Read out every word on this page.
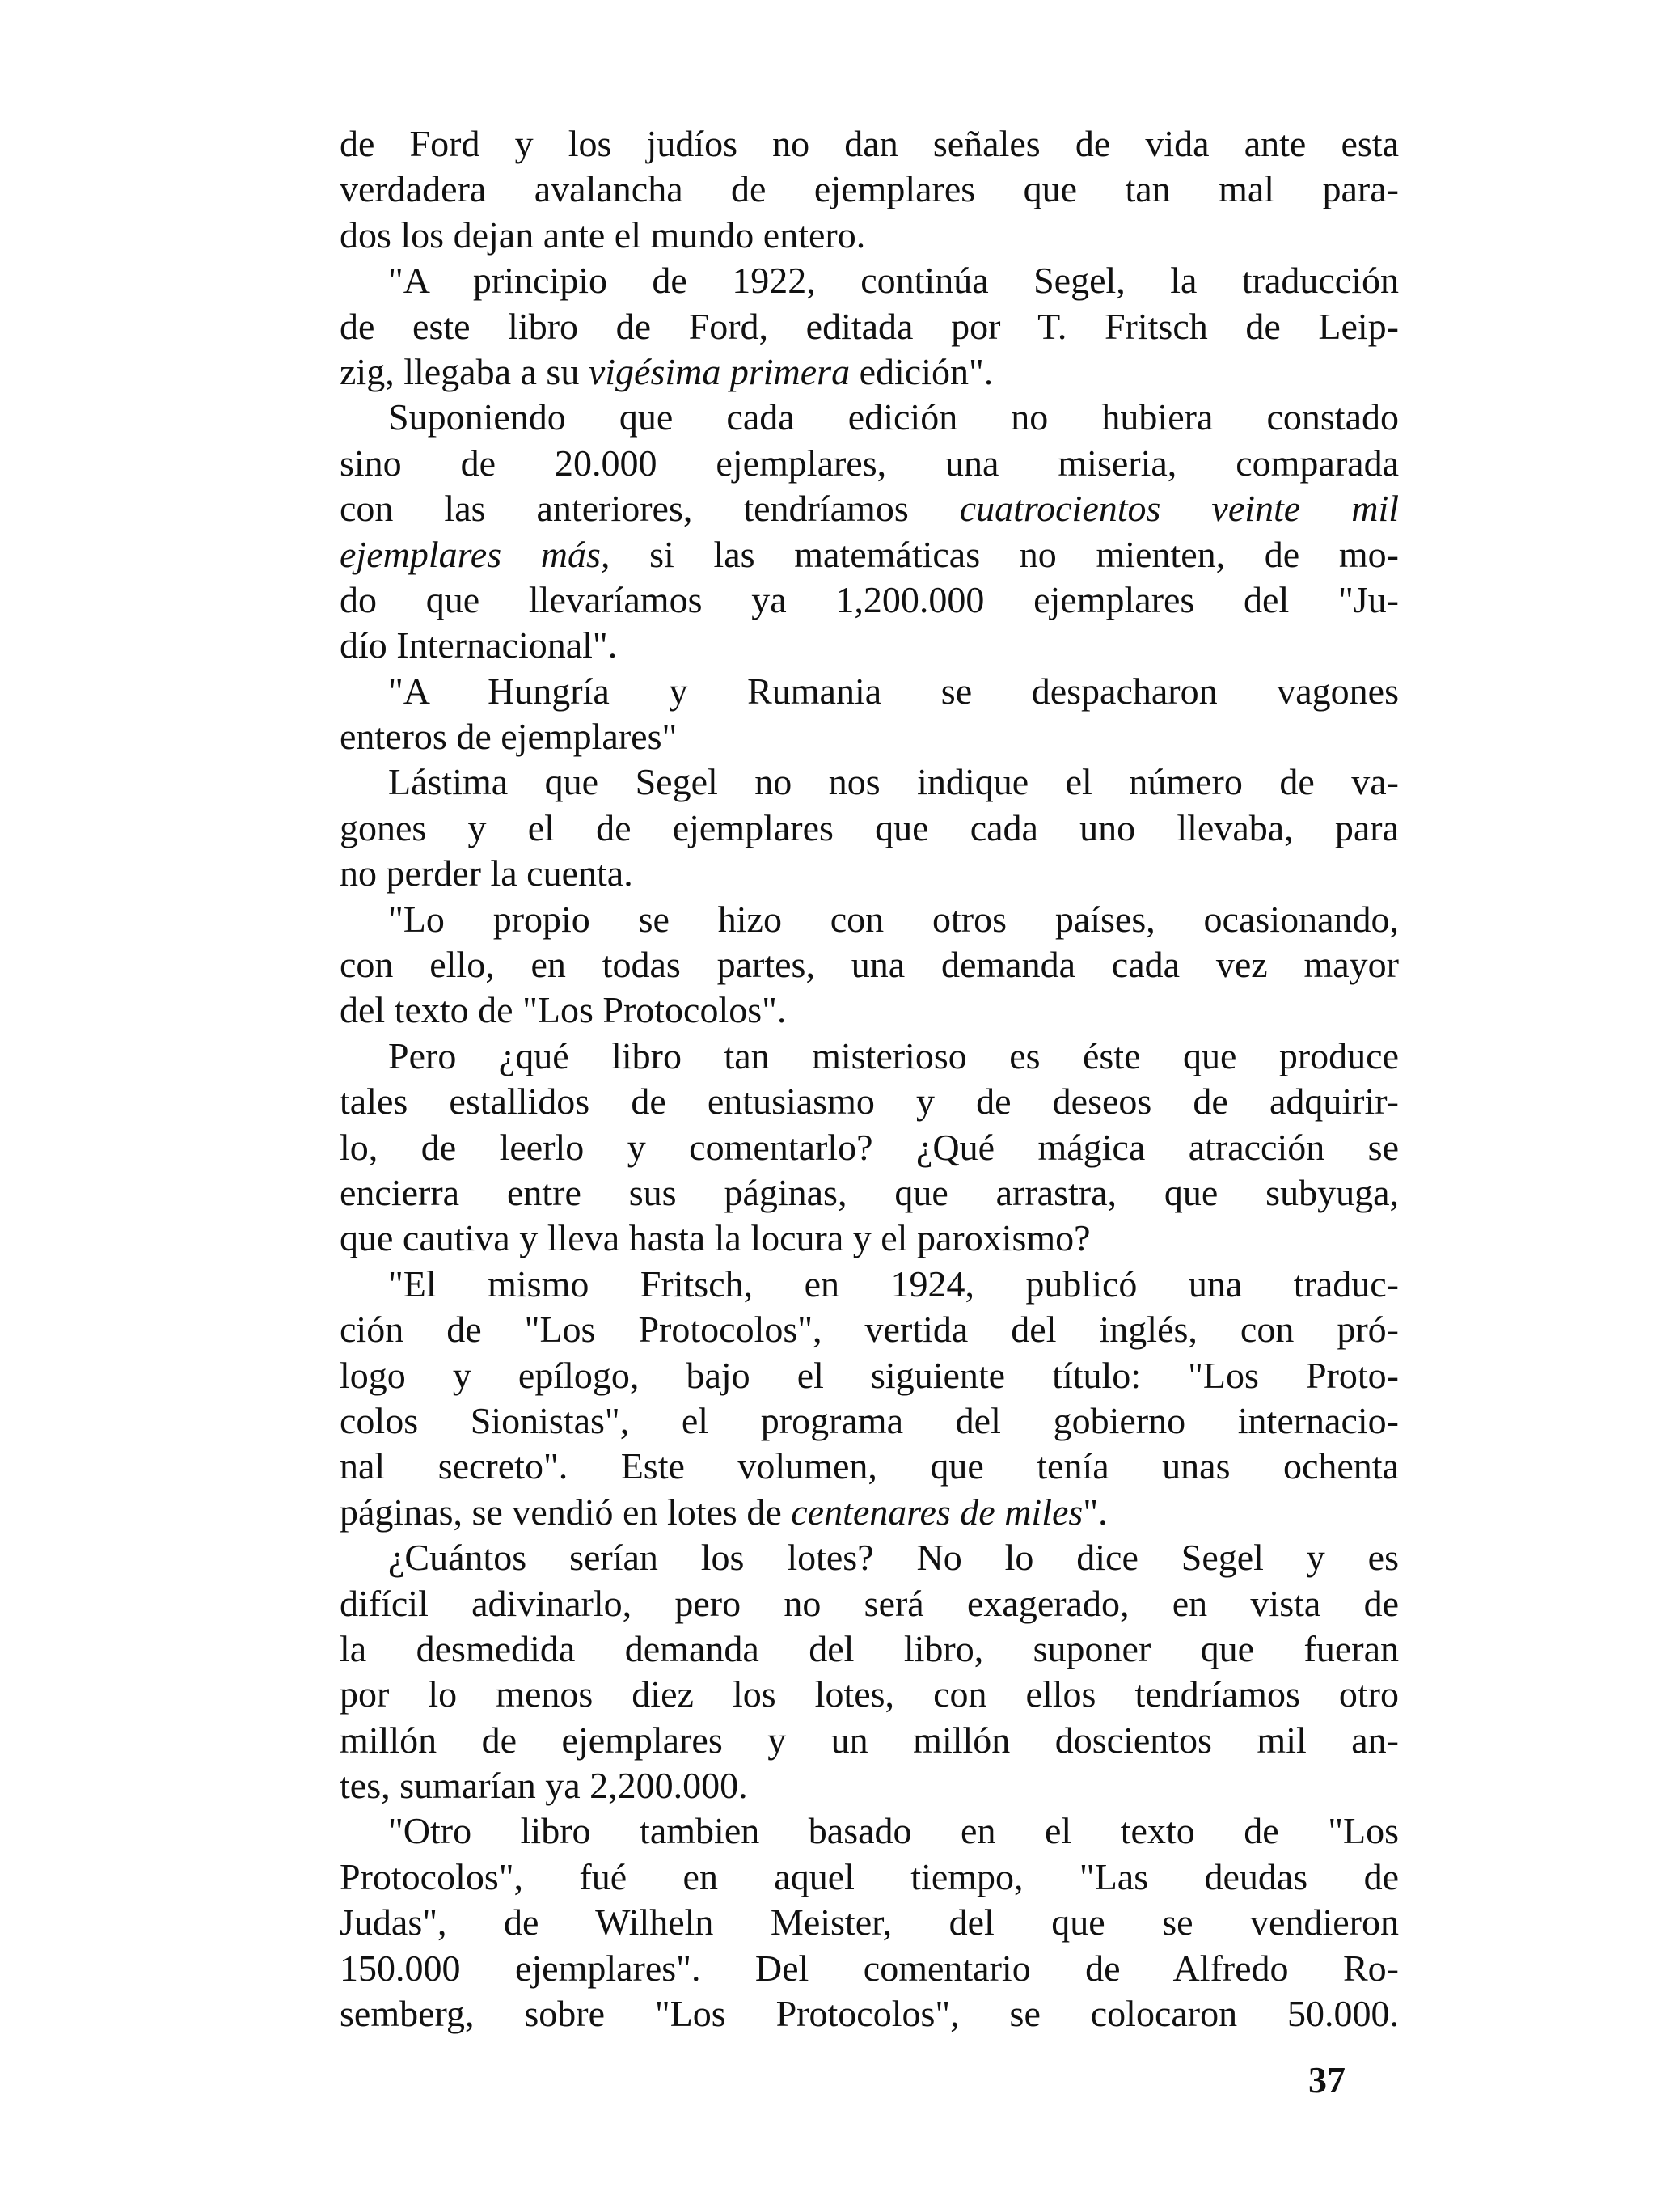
de Ford y los judíos no dan señales de vida ante esta
verdadera avalancha de ejemplares que tan mal para-
dos los dejan ante el mundo entero.
"A principio de 1922, continúa Segel, la traducción
de este libro de Ford, editada por T. Fritsch de Leip-
zig, llegaba a su vigésima primera edición".
Suponiendo que cada edición no hubiera constado
sino de 20.000 ejemplares, una miseria, comparada
con las anteriores, tendríamos cuatrocientos veinte mil
ejemplares más, si las matemáticas no mienten, de mo-
do que llevaríamos ya 1,200.000 ejemplares del "Ju-
dío Internacional".
"A Hungría y Rumania se despacharon vagones
enteros de ejemplares"
Lástima que Segel no nos indique el número de va-
gones y el de ejemplares que cada uno llevaba, para
no perder la cuenta.
"Lo propio se hizo con otros países, ocasionando,
con ello, en todas partes, una demanda cada vez mayor
del texto de "Los Protocolos".
Pero ¿qué libro tan misterioso es éste que produce
tales estallidos de entusiasmo y de deseos de adquirir-
lo, de leerlo y comentarlo? ¿Qué mágica atracción se
encierra entre sus páginas, que arrastra, que subyuga,
que cautiva y lleva hasta la locura y el paroxismo?
"El mismo Fritsch, en 1924, publicó una traduc-
ción de "Los Protocolos", vertida del inglés, con pró-
logo y epílogo, bajo el siguiente título: "Los Proto-
colos Sionistas", el programa del gobierno internacio-
nal secreto". Este volumen, que tenía unas ochenta
páginas, se vendió en lotes de centenares de miles".
¿Cuántos serían los lotes? No lo dice Segel y es
difícil adivinarlo, pero no será exagerado, en vista de
la desmedida demanda del libro, suponer que fueran
por lo menos diez los lotes, con ellos tendríamos otro
millón de ejemplares y un millón doscientos mil an-
tes, sumarían ya 2,200.000.
"Otro libro tambien basado en el texto de "Los
Protocolos", fué en aquel tiempo, "Las deudas de
Judas", de Wilheln Meister, del que se vendieron
150.000 ejemplares". Del comentario de Alfredo Ro-
semberg, sobre "Los Protocolos", se colocaron 50.000.
37
